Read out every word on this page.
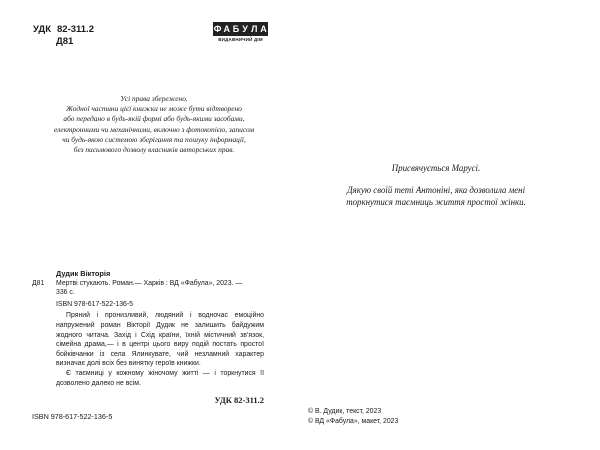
УДК 82-311.2
Д81
Ф А Б У Л А
ВИДАВНИЧИЙ ДІМ
Усі права збережено.
Жодної частини цієї книжки не може бути відтворено
або передано в будь-якій формі або будь-якими засобами,
електронними чи механічними, включно з фотокопією, записом
чи будь-якою системою зберігання та пошуку інформації,
без письмового дозволу власників авторських прав.
Дудик Вікторія
Д81	Мертві стукають. Роман.— Харків : ВД «Фабула», 2023. —
336 с.
ISBN 978-617-522-136-5

Пряний і пронизливий, людяний і водночас емоційно напружений роман Вікторії Дудик не залишить байдужим жодного читача. Захід і Схід країни, їхній містичний зв’язок, сімейна драма,— і в центрі цього виру подій постать простої бойківчанки із села Ялинкувате, чий незламний характер визначає долі всіх без винятку героїв книжки.

Є таємниці у кожному жіночому житті — і торкнутися її дозволено далеко не всім.

УДК 82-311.2
ISBN 978-617-522-136-5
Присвячується Марусі.
Дякую своїй теті Антоніні, яка дозволила мені
торкнутися таємниць життя простої жінки.
© В. Дудик, текст, 2023
© ВД «Фабула», макет, 2023
